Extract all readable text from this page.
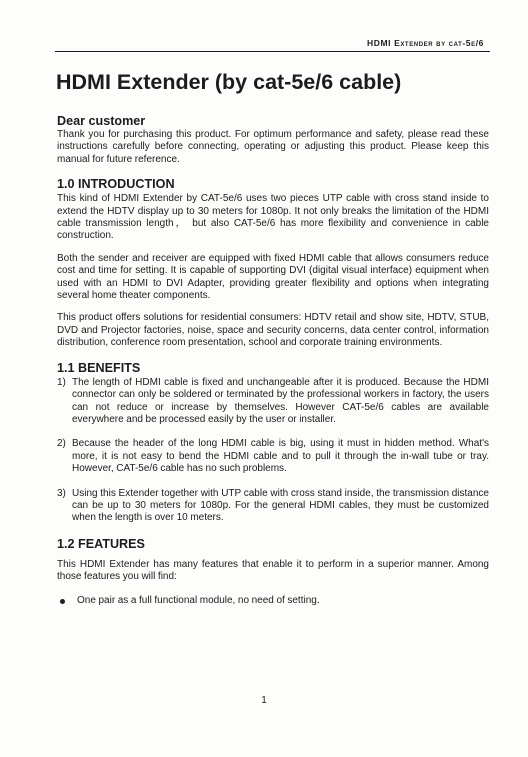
HDMI Extender by cat-5e/6
HDMI Extender (by cat-5e/6 cable)
Dear customer

Thank you for purchasing this product. For optimum performance and safety, please read these instructions carefully before connecting, operating or adjusting this product. Please keep this manual for future reference.

1.0 INTRODUCTION

This kind of HDMI Extender by CAT-5e/6 uses two pieces UTP cable with cross stand inside to extend the HDTV display up to 30 meters for 1080p. It not only breaks the limitation of the HDMI cable transmission length， but also CAT-5e/6 has more flexibility and convenience in cable construction.

Both the sender and receiver are equipped with fixed HDMI cable that allows consumers reduce cost and time for setting. It is capable of supporting DVI (digital visual interface) equipment when used with an HDMI to DVI Adapter, providing greater flexibility and options when integrating several home theater components.

This product offers solutions for residential consumers: HDTV retail and show site, HDTV, STUB, DVD and Projector factories, noise, space and security concerns, data center control, information distribution, conference room presentation, school and corporate training environments.

1.1 BENEFITS
1) The length of HDMI cable is fixed and unchangeable after it is produced. Because the HDMI connector can only be soldered or terminated by the professional workers in factory, the users can not reduce or increase by themselves. However CAT-5e/6 cables are available everywhere and be processed easily by the user or installer.

2) Because the header of the long HDMI cable is big, using it must in hidden method. What's more, it is not easy to bend the HDMI cable and to pull it through the in-wall tube or tray. However, CAT-5e/6 cable has no such problems.

3) Using this Extender together with UTP cable with cross stand inside, the transmission distance can be up to 30 meters for 1080p. For the general HDMI cables, they must be customized when the length is over 10 meters.

1.2 FEATURES

This HDMI Extender has many features that enable it to perform in a superior manner. Among those features you will find:

One pair as a full functional module, no need of setting.

1
